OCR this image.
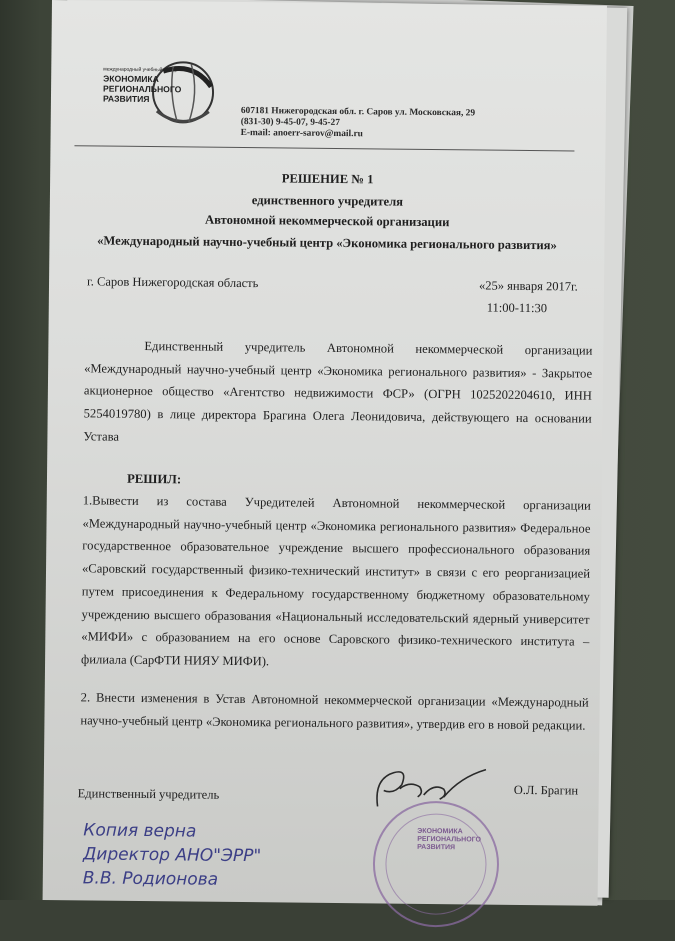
международный учебный центр
ЭКОНОМИКА
РЕГИОНАЛЬНОГО
РАЗВИТИЯ
607181 Нижегородская обл. г. Саров ул. Московская, 29
(831-30) 9-45-07, 9-45-27
E-mail: anoerr-sarov@mail.ru
РЕШЕНИЕ № 1
единственного учредителя
Автономной некоммерческой организации
«Международный научно-учебный центр «Экономика регионального развития»
г. Саров Нижегородская область	«25» января 2017г.
11:00-11:30
Единственный учредитель Автономной некоммерческой организации «Международный научно-учебный центр «Экономика регионального развития» - Закрытое акционерное общество «Агентство недвижимости ФСР» (ОГРН 1025202204610, ИНН 5254019780) в лице директора Брагина Олега Леонидовича, действующего на основании Устава
РЕШИЛ:
1.Вывести из состава Учредителей Автономной некоммерческой организации «Международный научно-учебный центр «Экономика регионального развития» Федеральное государственное образовательное учреждение высшего профессионального образования «Саровский государственный физико-технический институт» в связи с его реорганизацией путем присоединения к Федеральному государственному бюджетному образовательному учреждению высшего образования «Национальный исследовательский ядерный университет «МИФИ» с образованием на его основе Саровского физико-технического института – филиала (СарФТИ НИЯУ МИФИ).
2. Внести изменения в Устав Автономной некоммерческой организации «Международный научно-учебный центр «Экономика регионального развития», утвердив его в новой редакции.
Единственный учредитель	О.Л. Брагин
ЭКОНОМИКА
РЕГИОНАЛЬНОГО
РАЗВИТИЯ
Копия верна
Директор АНО"ЭРР"
В.В. Родионова
